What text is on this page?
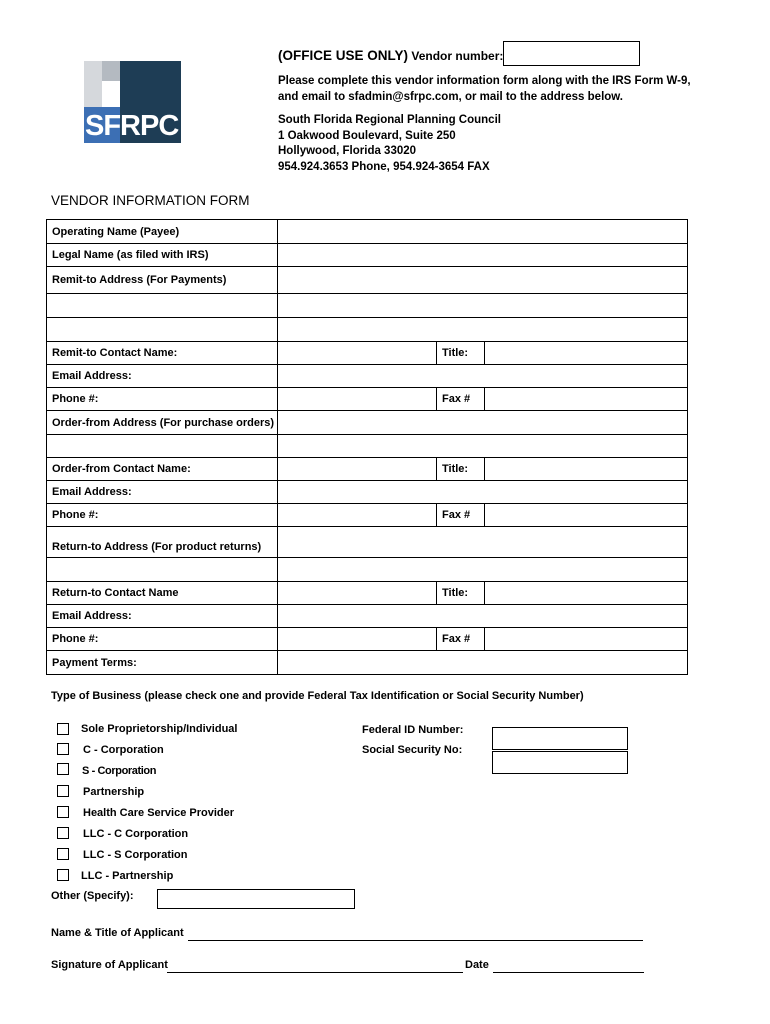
SFRPC
(OFFICE USE ONLY) Vendor number:
Please complete this vendor information form along with the IRS Form W-9,
and email to sfadmin@sfrpc.com, or mail to the address below.
South Florida Regional Planning Council
1 Oakwood Boulevard, Suite 250
Hollywood, Florida 33020
954.924.3653 Phone, 954.924-3654 FAX
VENDOR INFORMATION FORM
Operating Name (Payee)			
Legal Name (as filed with IRS)			
Remit-to Address (For Payments)			

Remit-to Contact Name:		Title:	
Email Address:			
Phone #:		Fax #	
Order-from Address (For purchase orders)			

Order-from Contact Name:		Title:	
Email Address:			
Phone #:		Fax #	
Return-to Address (For product returns)			

Return-to Contact Name		Title:	
Email Address:			
Phone #:		Fax #	
Payment Terms:			
Type of Business (please check one and provide Federal Tax Identification or Social Security Number)
Sole Proprietorship/Individual
C - Corporation
S - Corporation
Partnership
Health Care Service Provider
LLC - C Corporation
LLC - S Corporation
LLC - Partnership
Federal ID Number:
Social Security No:
Other (Specify):
Name & Title of Applicant
Signature of Applicant	Date
